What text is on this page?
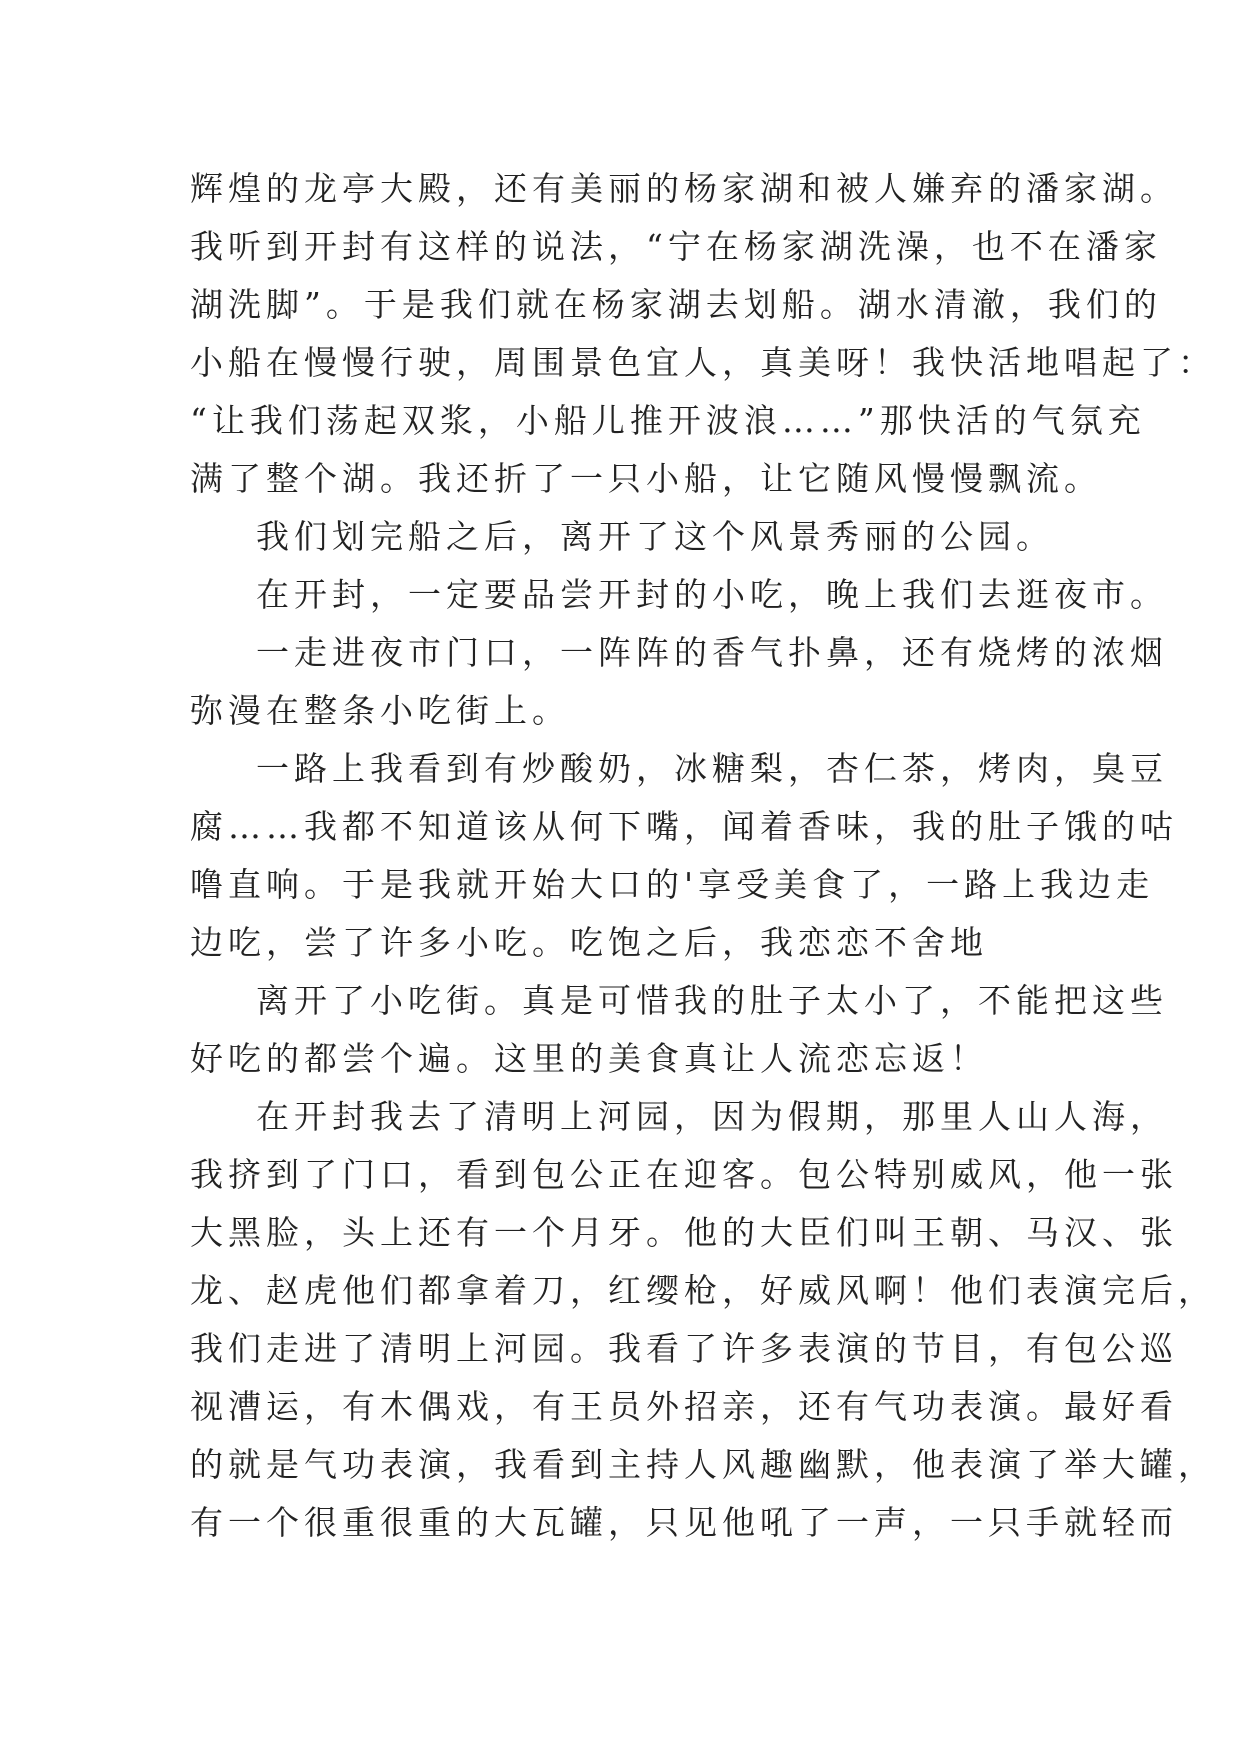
辉煌的龙亭大殿，还有美丽的杨家湖和被人嫌弃的潘家湖。
我听到开封有这样的说法，“宁在杨家湖洗澡，也不在潘家
湖洗脚”。于是我们就在杨家湖去划船。湖水清澈，我们的
小船在慢慢行驶，周围景色宜人，真美呀！我快活地唱起了：
“让我们荡起双浆，小船儿推开波浪……”那快活的气氛充
满了整个湖。我还折了一只小船，让它随风慢慢飘流。
我们划完船之后，离开了这个风景秀丽的公园。
在开封，一定要品尝开封的小吃，晚上我们去逛夜市。
一走进夜市门口，一阵阵的香气扑鼻，还有烧烤的浓烟
弥漫在整条小吃街上。
一路上我看到有炒酸奶，冰糖梨，杏仁茶，烤肉，臭豆
腐……我都不知道该从何下嘴，闻着香味，我的肚子饿的咕
噜直响。于是我就开始大口的'享受美食了，一路上我边走
边吃，尝了许多小吃。吃饱之后，我恋恋不舍地
离开了小吃街。真是可惜我的肚子太小了，不能把这些
好吃的都尝个遍。这里的美食真让人流恋忘返！
在开封我去了清明上河园，因为假期，那里人山人海，
我挤到了门口，看到包公正在迎客。包公特别威风，他一张
大黑脸，头上还有一个月牙。他的大臣们叫王朝、马汉、张
龙、赵虎他们都拿着刀，红缨枪，好威风啊！他们表演完后，
我们走进了清明上河园。我看了许多表演的节目，有包公巡
视漕运，有木偶戏，有王员外招亲，还有气功表演。最好看
的就是气功表演，我看到主持人风趣幽默，他表演了举大罐，
有一个很重很重的大瓦罐，只见他吼了一声，一只手就轻而
